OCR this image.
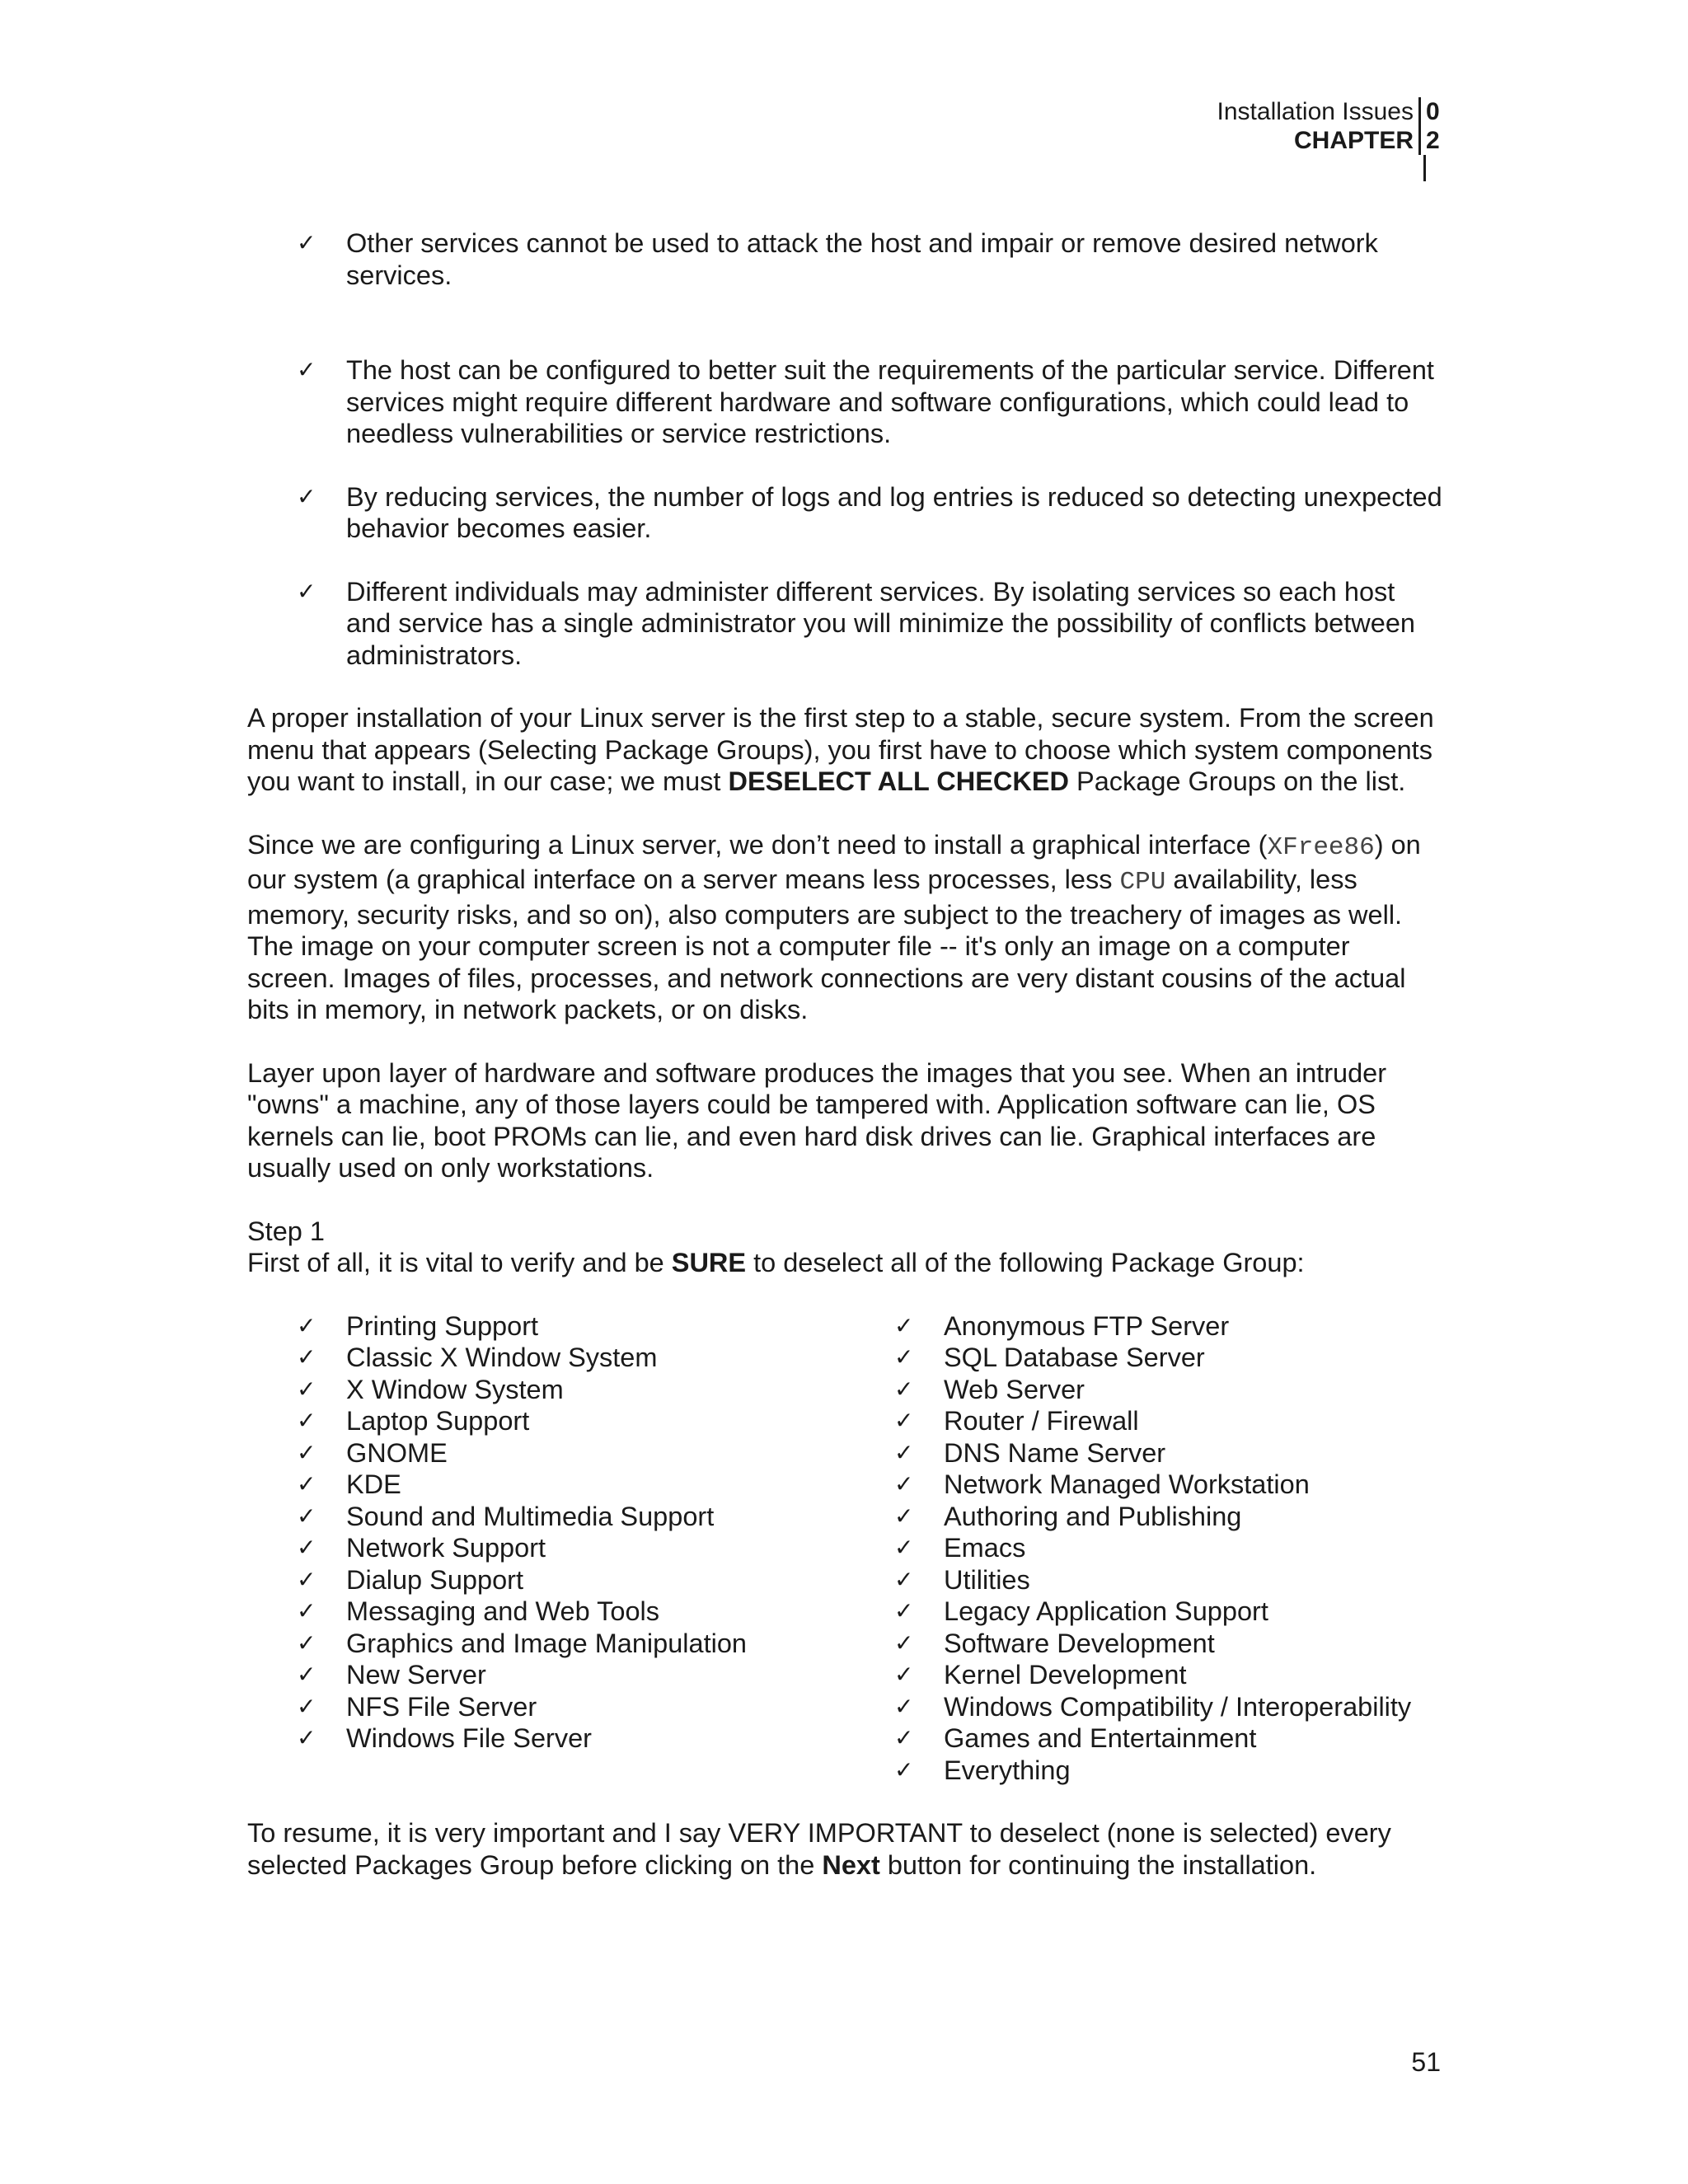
Installation Issues 0
CHAPTER 2
✓ Other services cannot be used to attack the host and impair or remove desired network services.
✓ The host can be configured to better suit the requirements of the particular service. Different services might require different hardware and software configurations, which could lead to needless vulnerabilities or service restrictions.
✓ By reducing services, the number of logs and log entries is reduced so detecting unexpected behavior becomes easier.
✓ Different individuals may administer different services. By isolating services so each host and service has a single administrator you will minimize the possibility of conflicts between administrators.

A proper installation of your Linux server is the first step to a stable, secure system. From the screen menu that appears (Selecting Package Groups), you first have to choose which system components you want to install, in our case; we must DESELECT ALL CHECKED Package Groups on the list.

Since we are configuring a Linux server, we don’t need to install a graphical interface (XFree86) on our system (a graphical interface on a server means less processes, less CPU availability, less memory, security risks, and so on), also computers are subject to the treachery of images as well. The image on your computer screen is not a computer file -- it's only an image on a computer screen. Images of files, processes, and network connections are very distant cousins of the actual bits in memory, in network packets, or on disks.

Layer upon layer of hardware and software produces the images that you see. When an intruder "owns" a machine, any of those layers could be tampered with. Application software can lie, OS kernels can lie, boot PROMs can lie, and even hard disk drives can lie. Graphical interfaces are usually used on only workstations.

Step 1
First of all, it is vital to verify and be SURE to deselect all of the following Package Group:
✓ Printing Support
✓ Classic X Window System
✓ X Window System
✓ Laptop Support
✓ GNOME
✓ KDE
✓ Sound and Multimedia Support
✓ Network Support
✓ Dialup Support
✓ Messaging and Web Tools
✓ Graphics and Image Manipulation
✓ New Server
✓ NFS File Server
✓ Windows File Server
✓ Anonymous FTP Server
✓ SQL Database Server
✓ Web Server
✓ Router / Firewall
✓ DNS Name Server
✓ Network Managed Workstation
✓ Authoring and Publishing
✓ Emacs
✓ Utilities
✓ Legacy Application Support
✓ Software Development
✓ Kernel Development
✓ Windows Compatibility / Interoperability
✓ Games and Entertainment
✓ Everything

To resume, it is very important and I say VERY IMPORTANT to deselect (none is selected) every selected Packages Group before clicking on the Next button for continuing the installation.

51
